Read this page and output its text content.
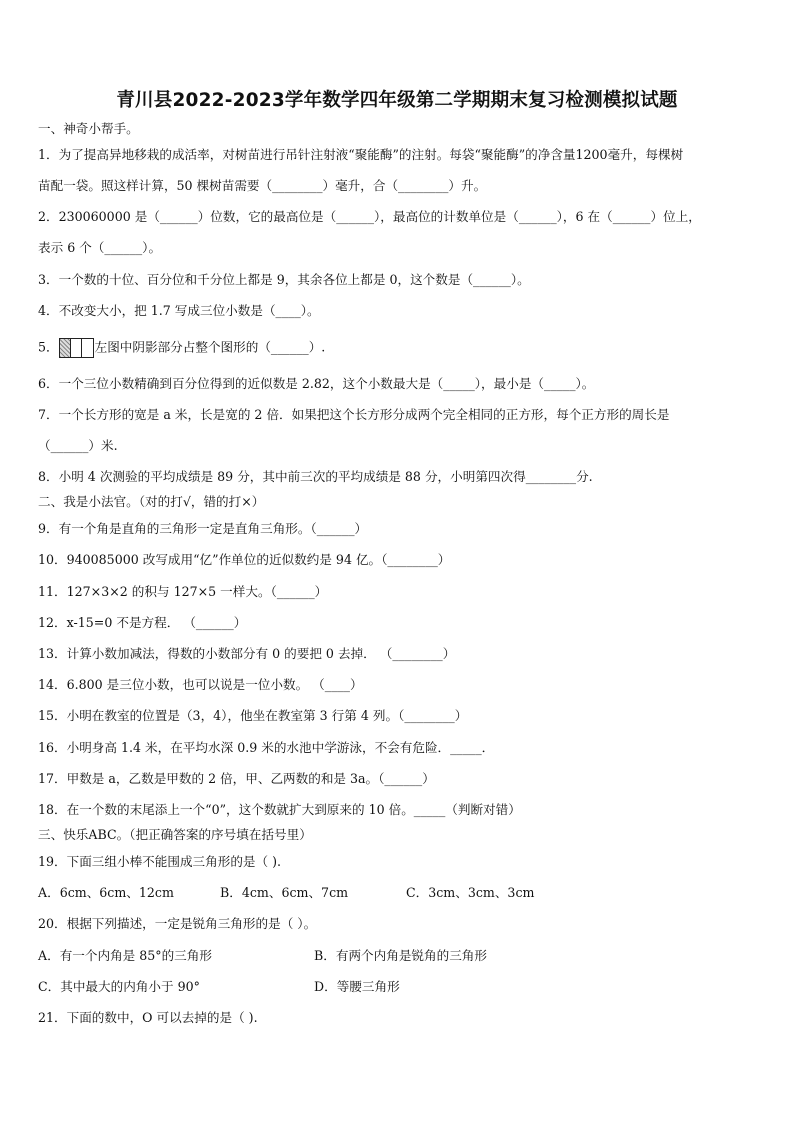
青川县2022-2023学年数学四年级第二学期期末复习检测模拟试题
一、神奇小帮手。
1．为了提高异地移栽的成活率，对树苗进行吊针注射液“聚能酶”的注射。每袋“聚能酶”的净含量1200毫升，每棵树
苗配一袋。照这样计算，50 棵树苗需要（________）毫升，合（________）升。
2．230060000 是（______）位数，它的最高位是（______），最高位的计数单位是（______），6 在（______）位上，
表示 6 个（______）。
3．一个数的十位、百分位和千分位上都是 9，其余各位上都是 0，这个数是（______）。
4．不改变大小，把 1.7 写成三位小数是（____）。
5．	左图中阴影部分占整个图形的（______）.
6．一个三位小数精确到百分位得到的近似数是 2.82，这个小数最大是（_____），最小是（_____）。
7．一个长方形的宽是 a 米，长是宽的 2 倍．如果把这个长方形分成两个完全相同的正方形，每个正方形的周长是
（______）米.
8．小明 4 次测验的平均成绩是 89 分，其中前三次的平均成绩是 88 分，小明第四次得________分.
二、我是小法官。（对的打√，错的打×）
9．有一个角是直角的三角形一定是直角三角形。（______）
10．940085000 改写成用“亿”作单位的近似数约是 94 亿。（________）
11．127×3×2 的积与 127×5 一样大。（______）
12．x-15=0 不是方程． （______）
13．计算小数加减法，得数的小数部分有 0 的要把 0 去掉． （________）
14．6.800 是三位小数，也可以说是一位小数。 （____）
15．小明在教室的位置是（3，4），他坐在教室第 3 行第 4 列。（________）
16．小明身高 1.4 米，在平均水深 0.9 米的水池中学游泳，不会有危险．_____．
17．甲数是 a，乙数是甲数的 2 倍，甲、乙两数的和是 3a。（______）
18．在一个数的末尾添上一个“0”，这个数就扩大到原来的 10 倍。_____（判断对错）
三、快乐ABC。（把正确答案的序号填在括号里）
19．下面三组小棒不能围成三角形的是（ ).
A．6cm、6cm、12cm	B．4cm、6cm、7cm	C．3cm、3cm、3cm
20．根据下列描述，一定是锐角三角形的是（ ）。
A．有一个内角是 85°的三角形	B．有两个内角是锐角的三角形
C．其中最大的内角小于 90°	D．等腰三角形
21．下面的数中，O 可以去掉的是（ ).
